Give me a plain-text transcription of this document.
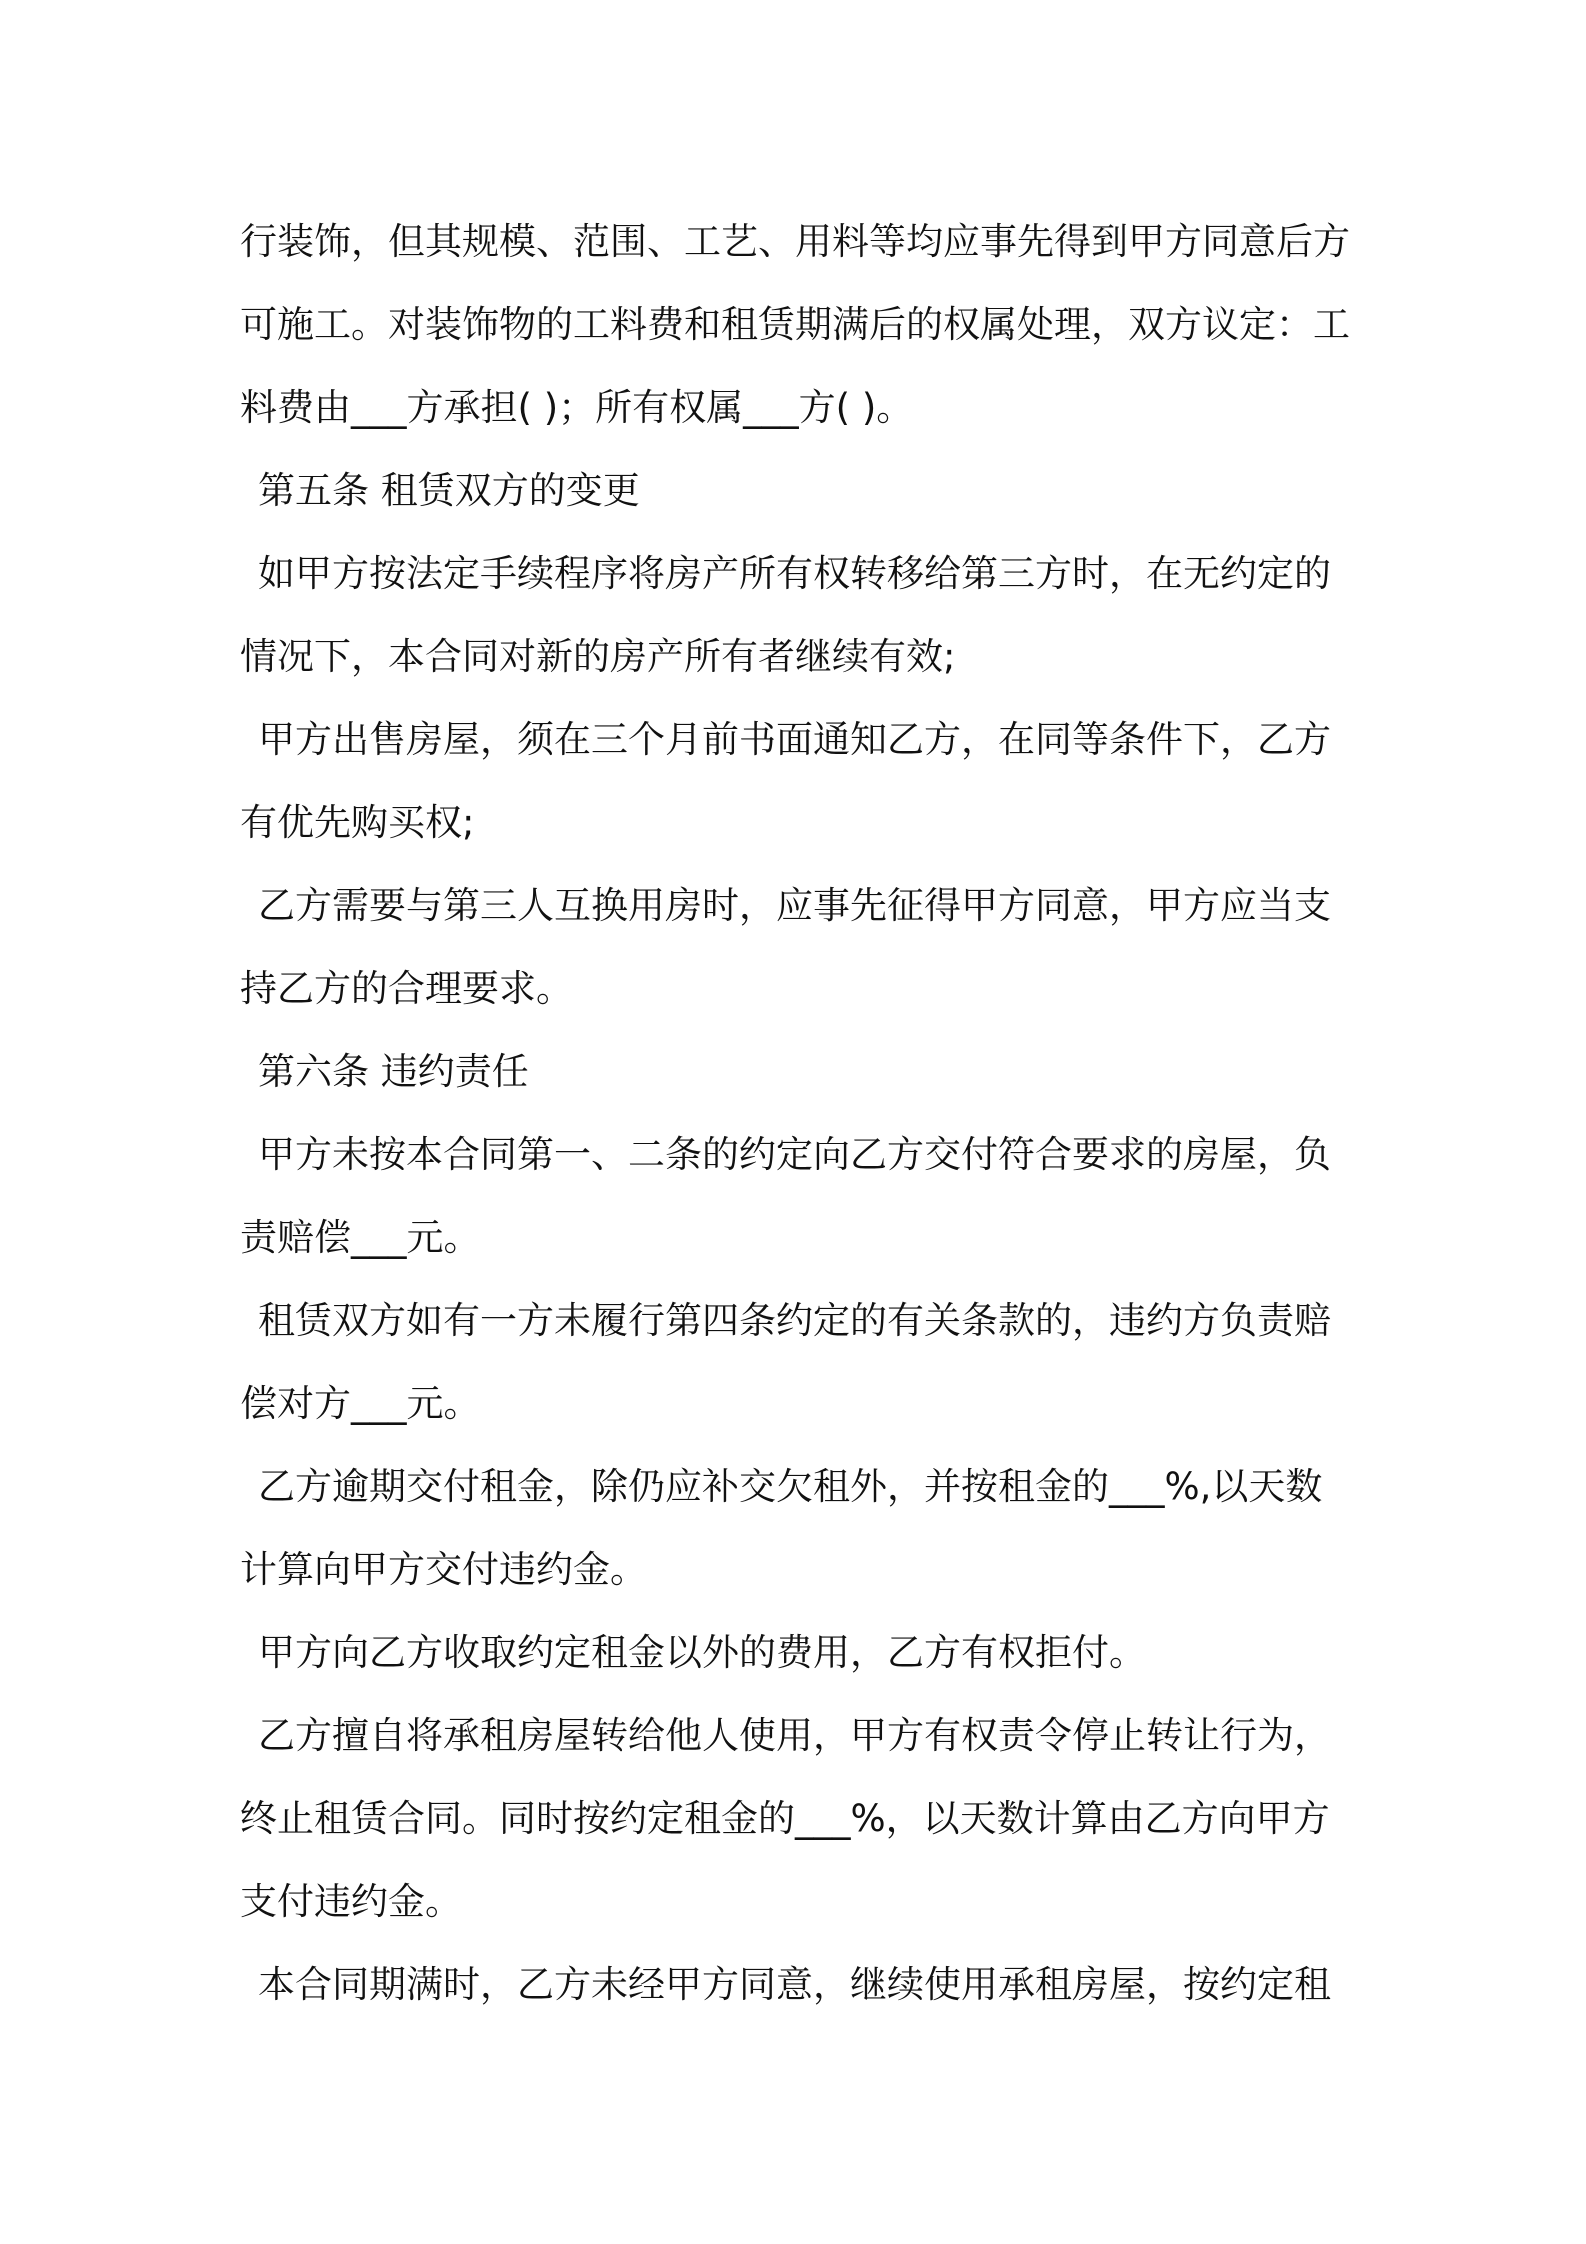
行装饰，但其规模、范围、工艺、用料等均应事先得到甲方同意后方
可施工。对装饰物的工料费和租赁期满后的权属处理，双方议定：工
料费由___方承担( )；所有权属___方( )。
第五条 租赁双方的变更
如甲方按法定手续程序将房产所有权转移给第三方时，在无约定的
情况下，本合同对新的房产所有者继续有效;
甲方出售房屋，须在三个月前书面通知乙方，在同等条件下，乙方
有优先购买权;
乙方需要与第三人互换用房时，应事先征得甲方同意，甲方应当支
持乙方的合理要求。
第六条 违约责任
甲方未按本合同第一、二条的约定向乙方交付符合要求的房屋，负
责赔偿___元。
租赁双方如有一方未履行第四条约定的有关条款的，违约方负责赔
偿对方___元。
乙方逾期交付租金，除仍应补交欠租外，并按租金的___%,以天数
计算向甲方交付违约金。
甲方向乙方收取约定租金以外的费用，乙方有权拒付。
乙方擅自将承租房屋转给他人使用，甲方有权责令停止转让行为，
终止租赁合同。同时按约定租金的___%，以天数计算由乙方向甲方
支付违约金。
本合同期满时，乙方未经甲方同意，继续使用承租房屋，按约定租
